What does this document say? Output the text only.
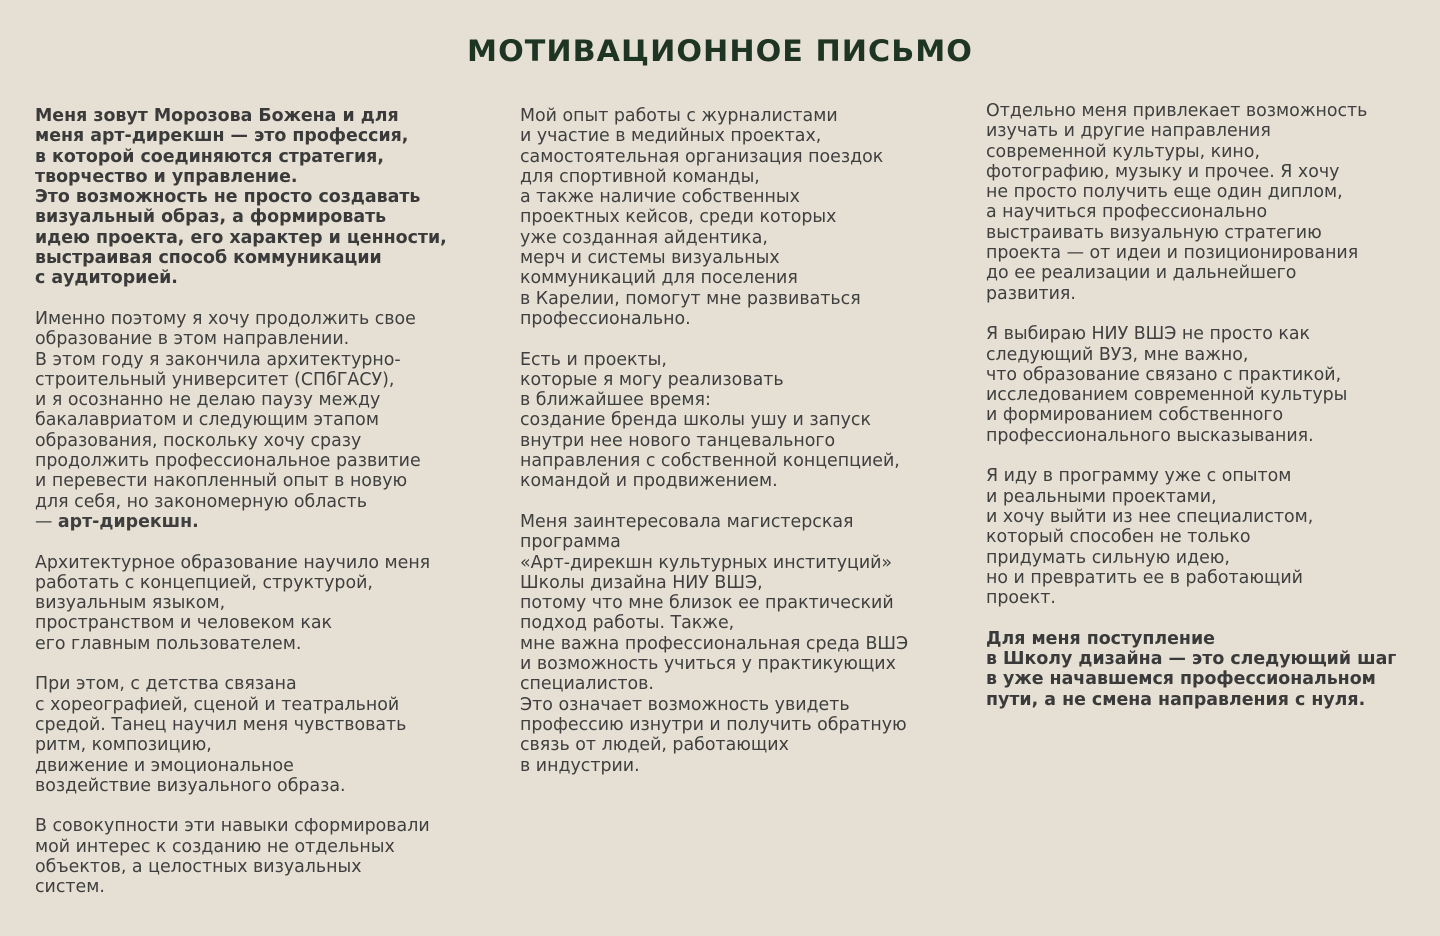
МОТИВАЦИОННОЕ ПИСЬМО

Меня зовут Морозова Божена и для
меня арт-дирекшн — это профессия,
в которой соединяются стратегия,
творчество и управление.
Это возможность не просто создавать
визуальный образ, а формировать
идею проекта, его характер и ценности,
выстраивая способ коммуникации
с аудиторией.

Именно поэтому я хочу продолжить свое
образование в этом направлении.
В этом году я закончила архитектурно-
строительный университет (СПбГАСУ),
и я осознанно не делаю паузу между
бакалавриатом и следующим этапом
образования, поскольку хочу сразу
продолжить профессиональное развитие
и перевести накопленный опыт в новую
для себя, но закономерную область
— арт-дирекшн.

Архитектурное образование научило меня
работать с концепцией, структурой,
визуальным языком,
пространством и человеком как
его главным пользователем.

При этом, с детства связана
с хореографией, сценой и театральной
средой. Танец научил меня чувствовать
ритм, композицию,
движение и эмоциональное
воздействие визуального образа.

В совокупности эти навыки сформировали
мой интерес к созданию не отдельных
объектов, а целостных визуальных
систем.

Мой опыт работы с журналистами
и участие в медийных проектах,
самостоятельная организация поездок
для спортивной команды,
а также наличие собственных
проектных кейсов, среди которых
уже созданная айдентика,
мерч и системы визуальных
коммуникаций для поселения
в Карелии, помогут мне развиваться
профессионально.

Есть и проекты,
которые я могу реализовать
в ближайшее время:
создание бренда школы ушу и запуск
внутри нее нового танцевального
направления с собственной концепцией,
командой и продвижением.

Меня заинтересовала магистерская
программа
«Арт-дирекшн культурных институций»
Школы дизайна НИУ ВШЭ,
потому что мне близок ее практический
подход работы. Также,
мне важна профессиональная среда ВШЭ
и возможность учиться у практикующих
специалистов.
Это означает возможность увидеть
профессию изнутри и получить обратную
связь от людей, работающих
в индустрии.

Отдельно меня привлекает возможность
изучать и другие направления
современной культуры, кино,
фотографию, музыку и прочее. Я хочу
не просто получить еще один диплом,
а научиться профессионально
выстраивать визуальную стратегию
проекта — от идеи и позиционирования
до ее реализации и дальнейшего
развития.

Я выбираю НИУ ВШЭ не просто как
следующий ВУЗ, мне важно,
что образование связано с практикой,
исследованием современной культуры
и формированием собственного
профессионального высказывания.

Я иду в программу уже с опытом
и реальными проектами,
и хочу выйти из нее специалистом,
который способен не только
придумать сильную идею,
но и превратить ее в работающий
проект.

Для меня поступление
в Школу дизайна — это следующий шаг
в уже начавшемся профессиональном
пути, а не смена направления с нуля.
